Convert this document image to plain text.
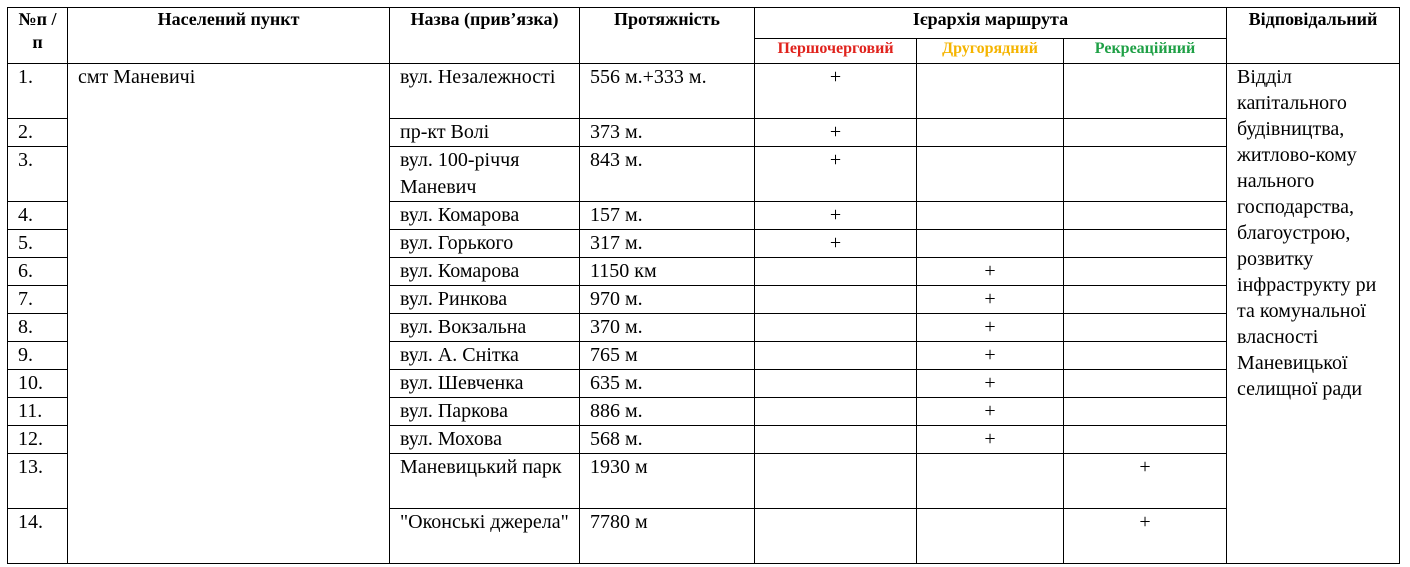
№п /п	Населений пункт	Назва (прив’язка)	Протяжність	Ієрархія маршрута			Відповідальний
				Першочерговий	Другорядний	Рекреаційний	
1.	смт Маневичі	вул. Незалежності	556 м.+333 м.	+			Відділ капітального будівництва, житлово-кому нального господарства, благоустрою, розвитку інфраструкту ри та комунальної власності Маневицької селищної ради
2.		пр-кт Волі	373 м.	+			
3.		вул. 100-річчя Маневич	843 м.	+			
4.		вул. Комарова	157 м.	+			
5.		вул. Горького	317 м.	+			
6.		вул. Комарова	1150 км		+		
7.		вул. Ринкова	970 м.		+		
8.		вул. Вокзальна	370 м.		+		
9.		вул. А. Снітка	765 м		+		
10.		вул. Шевченка	635 м.		+		
11.		вул. Паркова	886 м.		+		
12.		вул. Мохова	568 м.		+		
13.		Маневицький парк	1930 м			+	
14.		"Оконські джерела"	7780 м			+	
